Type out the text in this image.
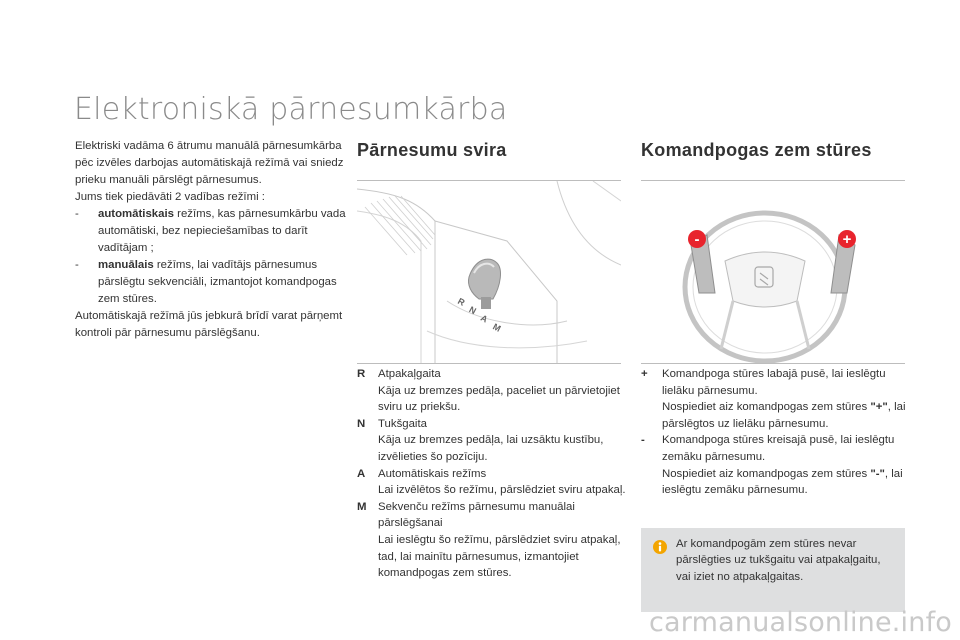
Elektroniskā pārnesumkārba

Elektriski vadāma 6 ātrumu manuālā pārnesumkārba pēc izvēles darbojas automātiskajā režīmā vai sniedz prieku manuāli pārslēgt pārnesumus.

Jums tiek piedāvāti 2 vadības režīmi :

-	automātiskais režīms, kas pārnesumkārbu vada automātiski, bez nepieciešamības to darīt vadītājam ;
-	manuālais režīms, lai vadītājs pārnesumus pārslēgtu sekvenciāli, izmantojot komandpogas zem stūres.

Automātiskajā režīmā jūs jebkurā brīdī varat pārņemt kontroli pār pārnesumu pārslēgšanu.

Pārnesumu svira	Komandpogas zem stūres
R
N
A
M
-	+
R	Atpakaļgaita
Kāja uz bremzes pedāļa, paceliet un pārvietojiet sviru uz priekšu.
N	Tukšgaita
Kāja uz bremzes pedāļa, lai uzsāktu kustību, izvēlieties šo pozīciju.
A	Automātiskais režīms
Lai izvēlētos šo režīmu, pārslēdziet sviru atpakaļ.
M	Sekvenču režīms pārnesumu manuālai pārslēgšanai
Lai ieslēgtu šo režīmu, pārslēdziet sviru atpakaļ, tad, lai mainītu pārnesumus, izmantojiet komandpogas zem stūres.
+	Komandpoga stūres labajā pusē, lai ieslēgtu lielāku pārnesumu.
Nospiediet aiz komandpogas zem stūres "+", lai pārslēgtos uz lielāku pārnesumu.
-	Komandpoga stūres kreisajā pusē, lai ieslēgtu zemāku pārnesumu.
Nospiediet aiz komandpogas zem stūres "-", lai ieslēgtu zemāku pārnesumu.
Ar komandpogām zem stūres nevar pārslēgties uz tukšgaitu vai atpakaļgaitu, vai iziet no atpakaļgaitas.
carmanualsonline.info
